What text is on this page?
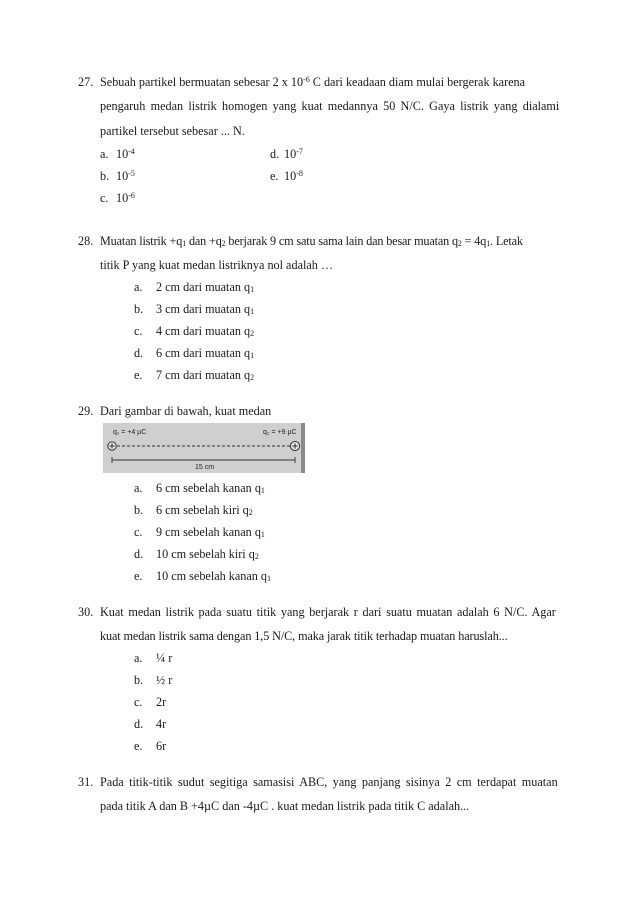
27. Sebuah partikel bermuatan sebesar 2 x $10^{-6}$ C dari keadaan diam mulai bergerak karena
pengaruh medan listrik homogen yang kuat medannya 50 N/C. Gaya listrik yang dialami
partikel tersebut sebesar ... N.
a. $10^{-4}$
b. $10^{-5}$
c. $10^{-6}$
d. $10^{-7}$
e. $10^{-8}$
28. Muatan listrik $+q_1$ dan $+q_2$ berjarak 9 cm satu sama lain dan besar muatan $q_2 = 4q_1$. Letak
titik P yang kuat medan listriknya nol adalah …
a. 2 cm dari muatan $q_1$
b. 3 cm dari muatan $q_1$
c. 4 cm dari muatan $q_2$
d. 6 cm dari muatan $q_1$
e. 7 cm dari muatan $q_2$
29. Dari gambar di bawah, kuat medan
q₁ = +4 µC	q₂ = +9 µC
15 cm
a. 6 cm sebelah kanan $q_1$
b. 6 cm sebelah kiri $q_2$
c. 9 cm sebelah kanan $q_1$
d. 10 cm sebelah kiri $q_2$
e. 10 cm sebelah kanan $q_1$
30. Kuat medan listrik pada suatu titik yang berjarak r dari suatu muatan adalah 6 N/C. Agar
kuat medan listrik sama dengan 1,5 N/C, maka jarak titik terhadap muatan haruslah...
a. ¼ r
b. ½ r
c. 2r
d. 4r
e. 6r
31. Pada titik-titik sudut segitiga samasisi ABC, yang panjang sisinya 2 cm terdapat muatan
pada titik A dan B +4µC dan -4µC . kuat medan listrik pada titik C adalah...
